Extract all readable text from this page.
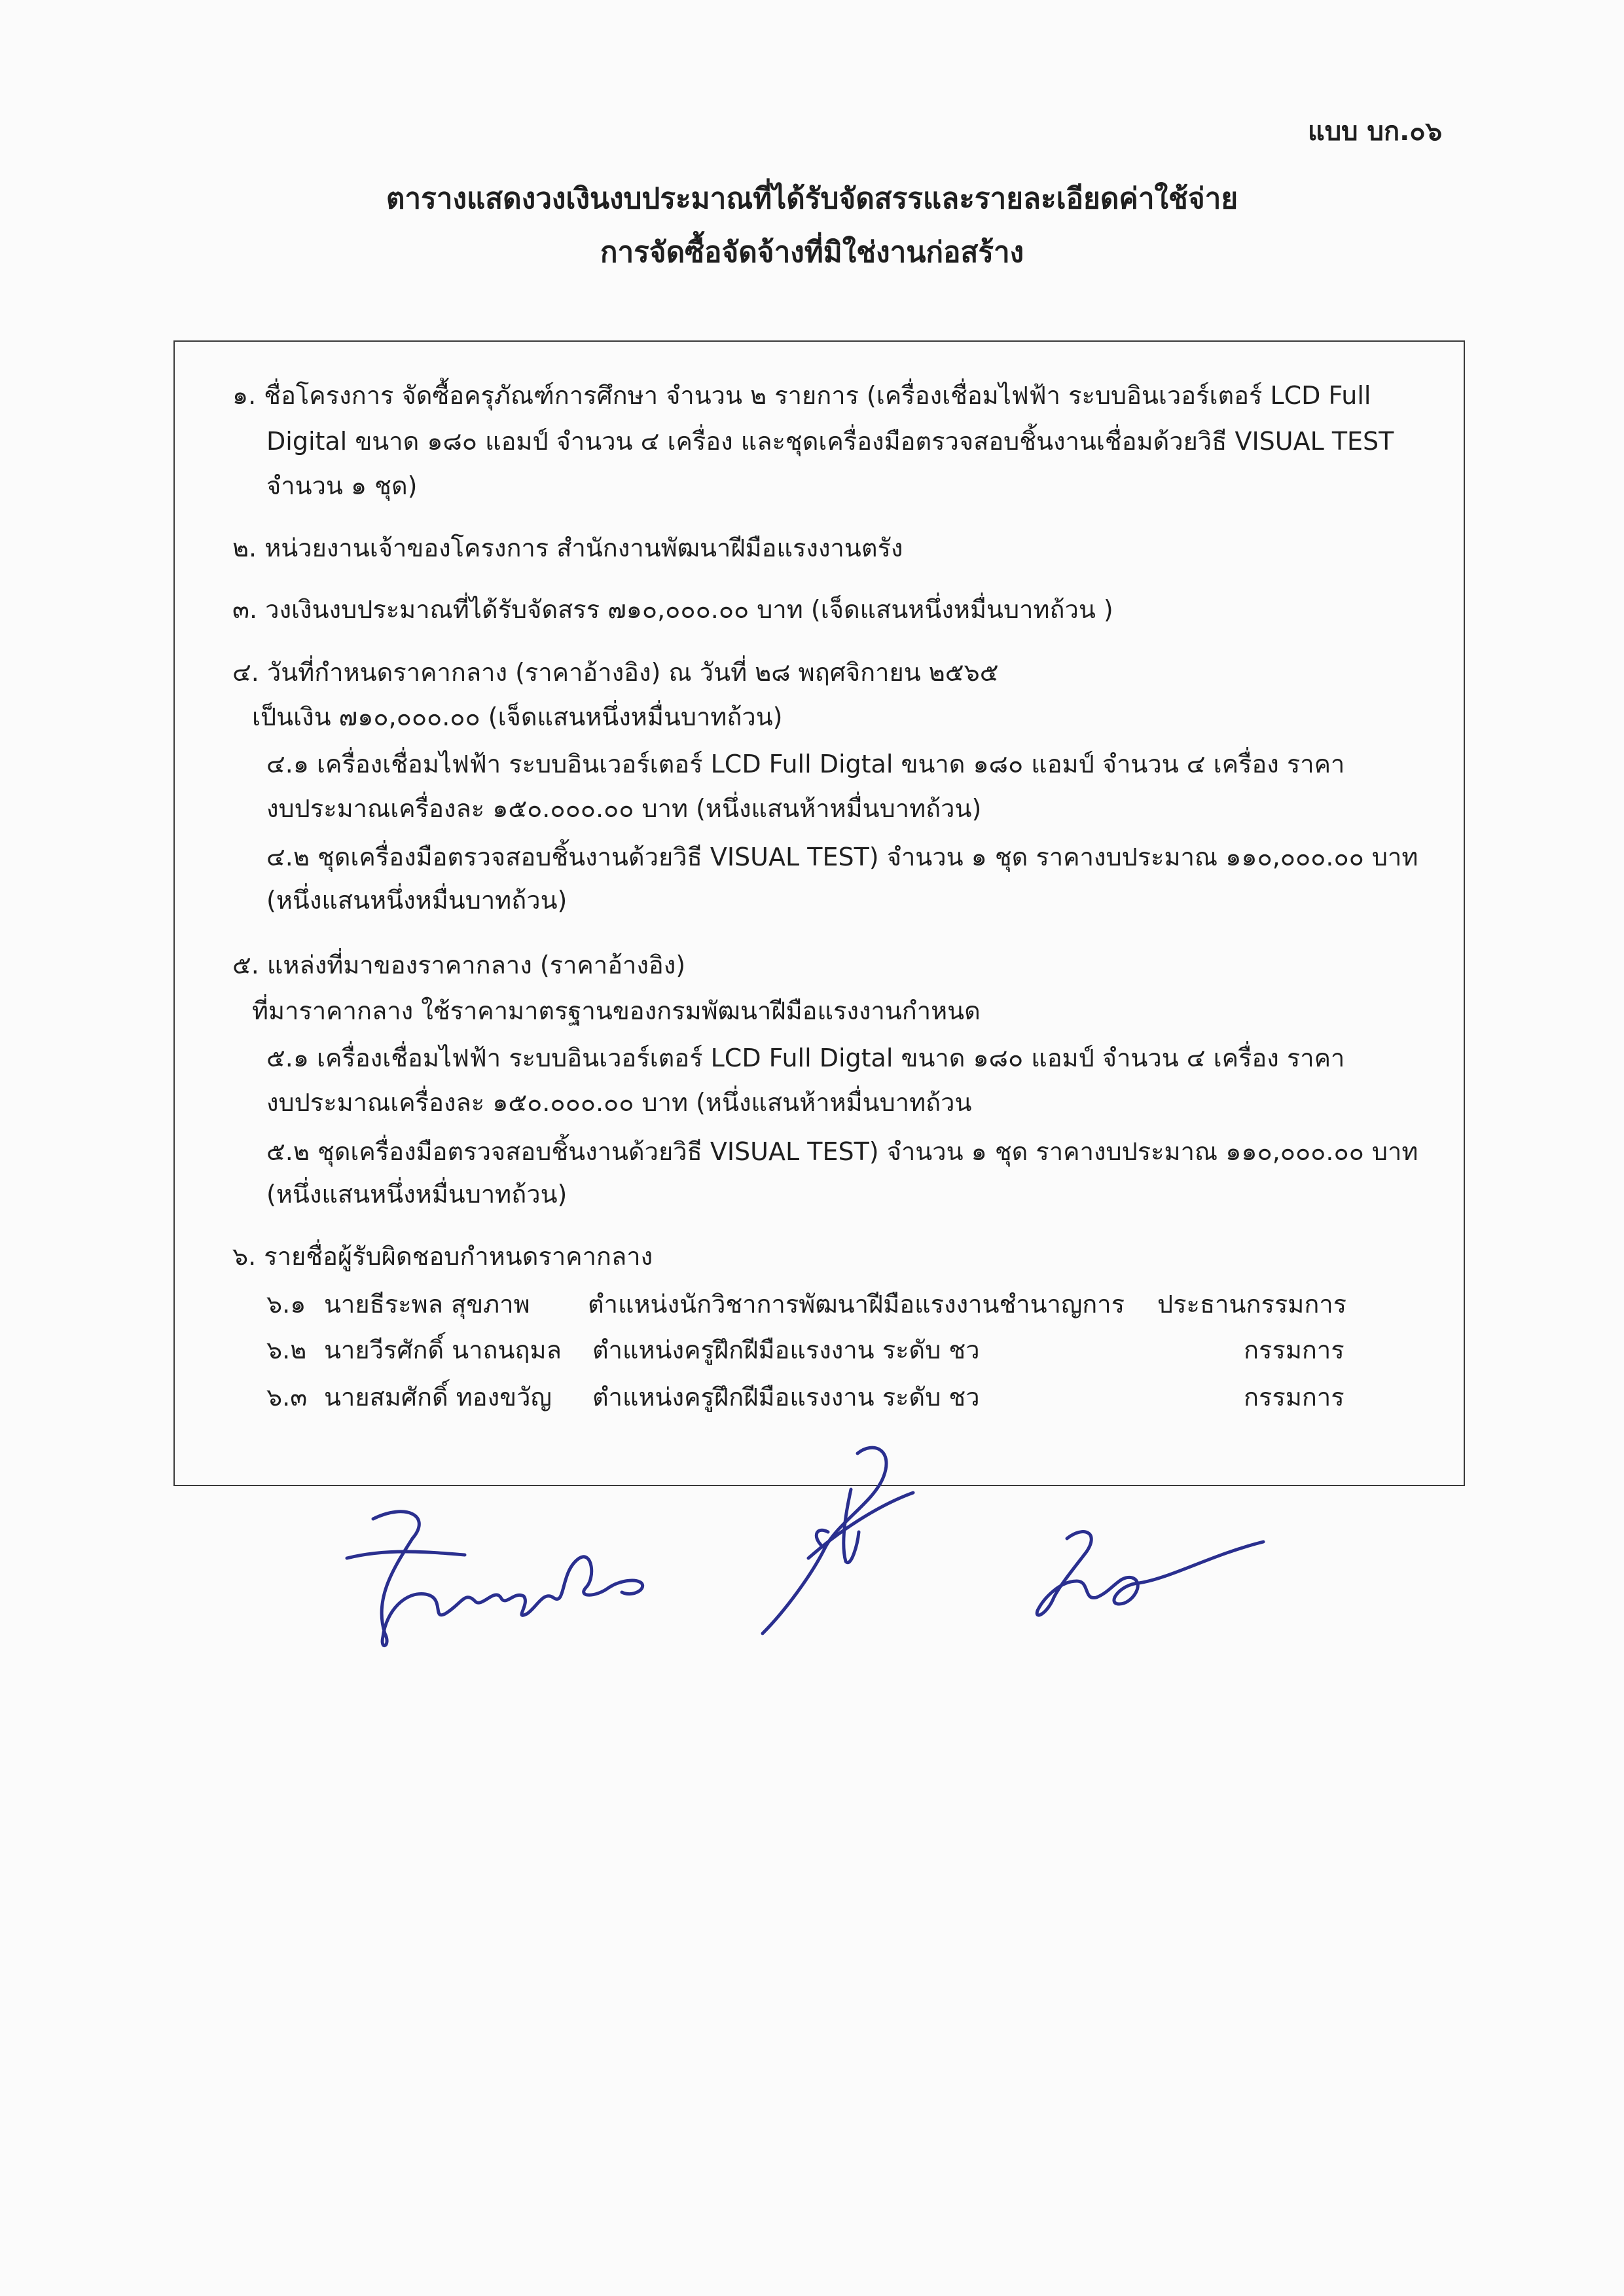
แบบ บก.๐๖
ตารางแสดงวงเงินงบประมาณที่ได้รับจัดสรรและรายละเอียดค่าใช้จ่าย
การจัดซื้อจัดจ้างที่มิใช่งานก่อสร้าง
๑. ชื่อโครงการ จัดซื้อครุภัณฑ์การศึกษา จำนวน ๒ รายการ (เครื่องเชื่อมไฟฟ้า ระบบอินเวอร์เตอร์ LCD Full
Digital ขนาด ๑๘๐ แอมป์ จำนวน ๔ เครื่อง และชุดเครื่องมือตรวจสอบชิ้นงานเชื่อมด้วยวิธี VISUAL TEST
จำนวน ๑ ชุด)
๒. หน่วยงานเจ้าของโครงการ สำนักงานพัฒนาฝีมือแรงงานตรัง
๓. วงเงินงบประมาณที่ได้รับจัดสรร ๗๑๐,๐๐๐.๐๐ บาท (เจ็ดแสนหนึ่งหมื่นบาทถ้วน )
๔. วันที่กำหนดราคากลาง (ราคาอ้างอิง) ณ วันที่ ๒๘ พฤศจิกายน ๒๕๖๕
เป็นเงิน ๗๑๐,๐๐๐.๐๐ (เจ็ดแสนหนึ่งหมื่นบาทถ้วน)
๔.๑ เครื่องเชื่อมไฟฟ้า ระบบอินเวอร์เตอร์ LCD Full Digtal ขนาด ๑๘๐ แอมป์ จำนวน ๔ เครื่อง ราคา
งบประมาณเครื่องละ ๑๕๐.๐๐๐.๐๐ บาท (หนึ่งแสนห้าหมื่นบาทถ้วน)
๔.๒ ชุดเครื่องมือตรวจสอบชิ้นงานด้วยวิธี VISUAL TEST) จำนวน ๑ ชุด ราคางบประมาณ ๑๑๐,๐๐๐.๐๐ บาท
(หนึ่งแสนหนึ่งหมื่นบาทถ้วน)
๕. แหล่งที่มาของราคากลาง (ราคาอ้างอิง)
ที่มาราคากลาง ใช้ราคามาตรฐานของกรมพัฒนาฝีมือแรงงานกำหนด
๕.๑ เครื่องเชื่อมไฟฟ้า ระบบอินเวอร์เตอร์ LCD Full Digtal ขนาด ๑๘๐ แอมป์ จำนวน ๔ เครื่อง ราคา
งบประมาณเครื่องละ ๑๕๐.๐๐๐.๐๐ บาท (หนึ่งแสนห้าหมื่นบาทถ้วน
๕.๒ ชุดเครื่องมือตรวจสอบชิ้นงานด้วยวิธี VISUAL TEST) จำนวน ๑ ชุด ราคางบประมาณ ๑๑๐,๐๐๐.๐๐ บาท
(หนึ่งแสนหนึ่งหมื่นบาทถ้วน)
๖. รายชื่อผู้รับผิดชอบกำหนดราคากลาง
๖.๑ นายธีระพล สุขภาพ ตำแหน่งนักวิชาการพัฒนาฝีมือแรงงานชำนาญการ ประธานกรรมการ
๖.๒ นายวีรศักดิ์ นาถนฤมล ตำแหน่งครูฝึกฝีมือแรงงาน ระดับ ชว	กรรมการ
๖.๓ นายสมศักดิ์ ทองขวัญ ตำแหน่งครูฝึกฝีมือแรงงาน ระดับ ชว	กรรมการ
